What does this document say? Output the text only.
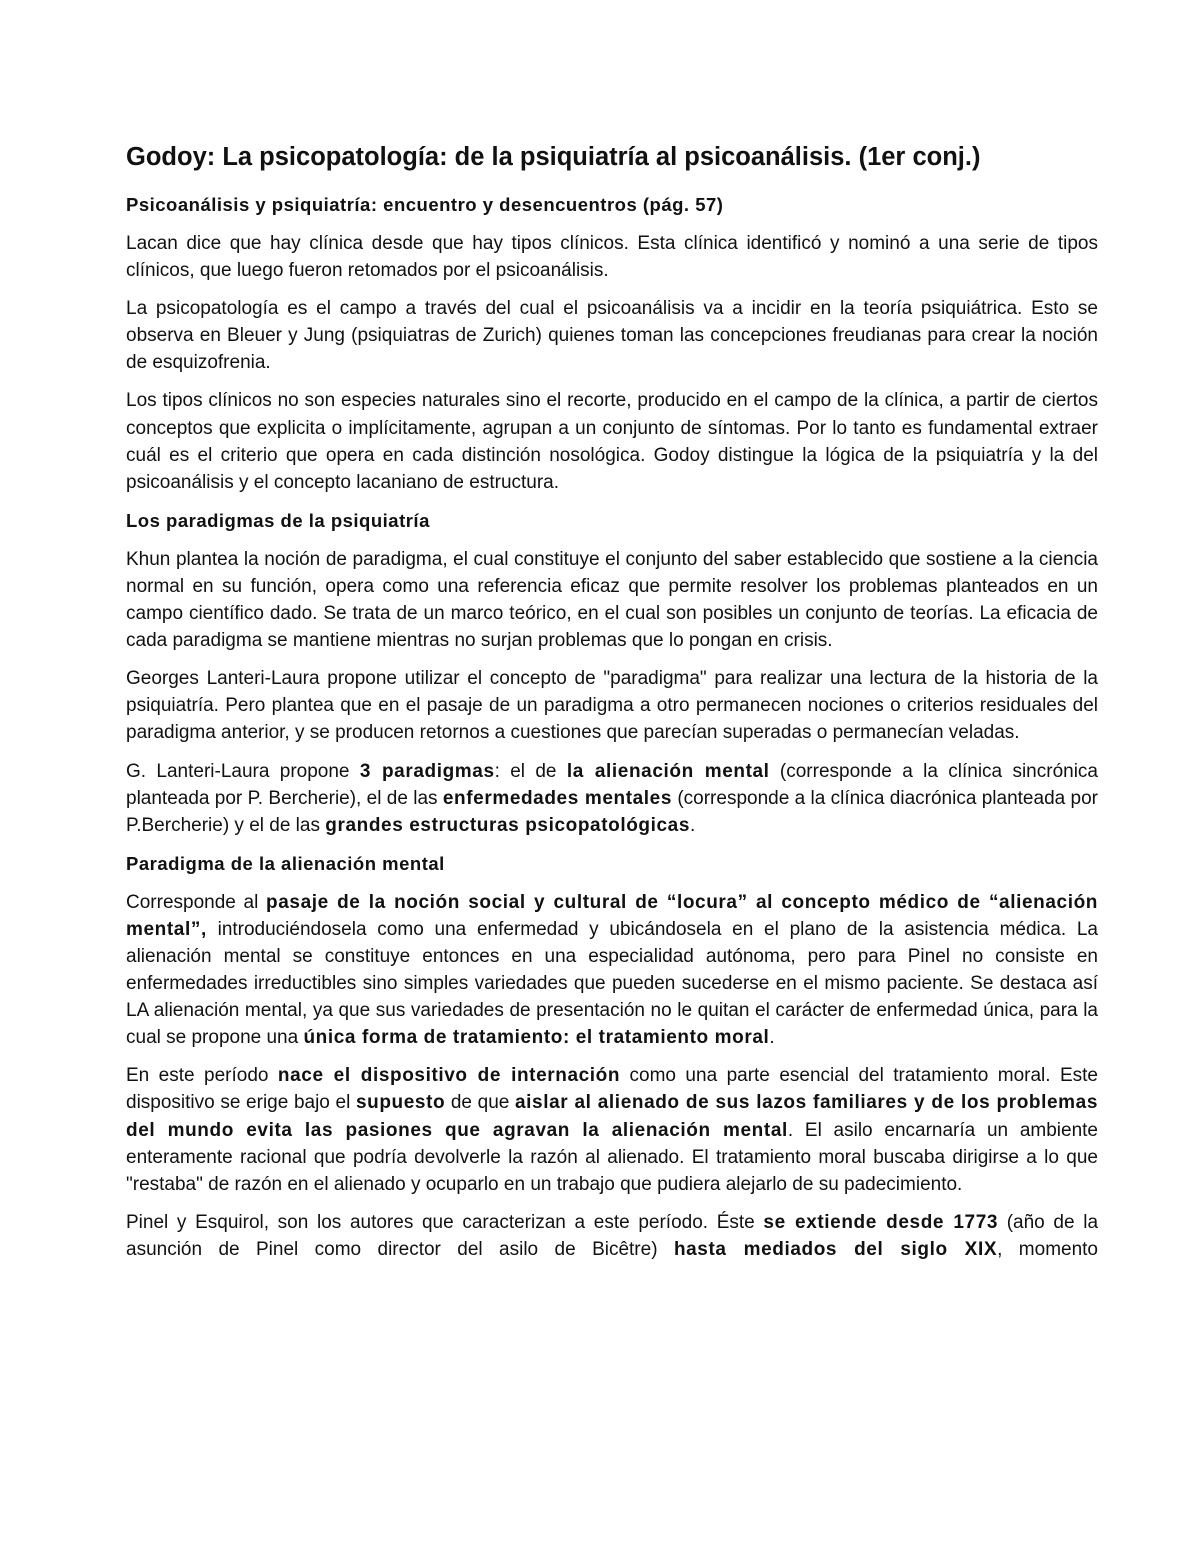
Godoy: La psicopatología: de la psiquiatría al psicoanálisis. (1er conj.)
Psicoanálisis y psiquiatría: encuentro y desencuentros (pág. 57)

Lacan dice que hay clínica desde que hay tipos clínicos. Esta clínica identificó y nominó a una serie de tipos clínicos, que luego fueron retomados por el psicoanálisis.

La psicopatología es el campo a través del cual el psicoanálisis va a incidir en la teoría psiquiátrica. Esto se observa en Bleuer y Jung (psiquiatras de Zurich) quienes toman las concepciones freudianas para crear la noción de esquizofrenia.

Los tipos clínicos no son especies naturales sino el recorte, producido en el campo de la clínica, a partir de ciertos conceptos que explicita o implícitamente, agrupan a un conjunto de síntomas. Por lo tanto es fundamental extraer cuál es el criterio que opera en cada distinción nosológica. Godoy distingue la lógica de la psiquiatría y la del psicoanálisis y el concepto lacaniano de estructura.

Los paradigmas de la psiquiatría

Khun plantea la noción de paradigma, el cual constituye el conjunto del saber establecido que sostiene a la ciencia normal en su función, opera como una referencia eficaz que permite resolver los problemas planteados en un campo científico dado. Se trata de un marco teórico, en el cual son posibles un conjunto de teorías. La eficacia de cada paradigma se mantiene mientras no surjan problemas que lo pongan en crisis.

Georges Lanteri-Laura propone utilizar el concepto de "paradigma" para realizar una lectura de la historia de la psiquiatría. Pero plantea que en el pasaje de un paradigma a otro permanecen nociones o criterios residuales del paradigma anterior, y se producen retornos a cuestiones que parecían superadas o permanecían veladas.

G. Lanteri-Laura propone 3 paradigmas: el de la alienación mental (corresponde a la clínica sincrónica planteada por P. Bercherie), el de las enfermedades mentales (corresponde a la clínica diacrónica planteada por P.Bercherie) y el de las grandes estructuras psicopatológicas.

Paradigma de la alienación mental

Corresponde al pasaje de la noción social y cultural de “locura” al concepto médico de “alienación mental”, introduciéndosela como una enfermedad y ubicándosela en el plano de la asistencia médica. La alienación mental se constituye entonces en una especialidad autónoma, pero para Pinel no consiste en enfermedades irreductibles sino simples variedades que pueden sucederse en el mismo paciente. Se destaca así LA alienación mental, ya que sus variedades de presentación no le quitan el carácter de enfermedad única, para la cual se propone una única forma de tratamiento: el tratamiento moral.

En este período nace el dispositivo de internación como una parte esencial del tratamiento moral. Este dispositivo se erige bajo el supuesto de que aislar al alienado de sus lazos familiares y de los problemas del mundo evita las pasiones que agravan la alienación mental. El asilo encarnaría un ambiente enteramente racional que podría devolverle la razón al alienado. El tratamiento moral buscaba dirigirse a lo que "restaba" de razón en el alienado y ocuparlo en un trabajo que pudiera alejarlo de su padecimiento.

Pinel y Esquirol, son los autores que caracterizan a este período. Éste se extiende desde 1773 (año de la asunción de Pinel como director del asilo de Bicêtre) hasta mediados del siglo XIX, momento
